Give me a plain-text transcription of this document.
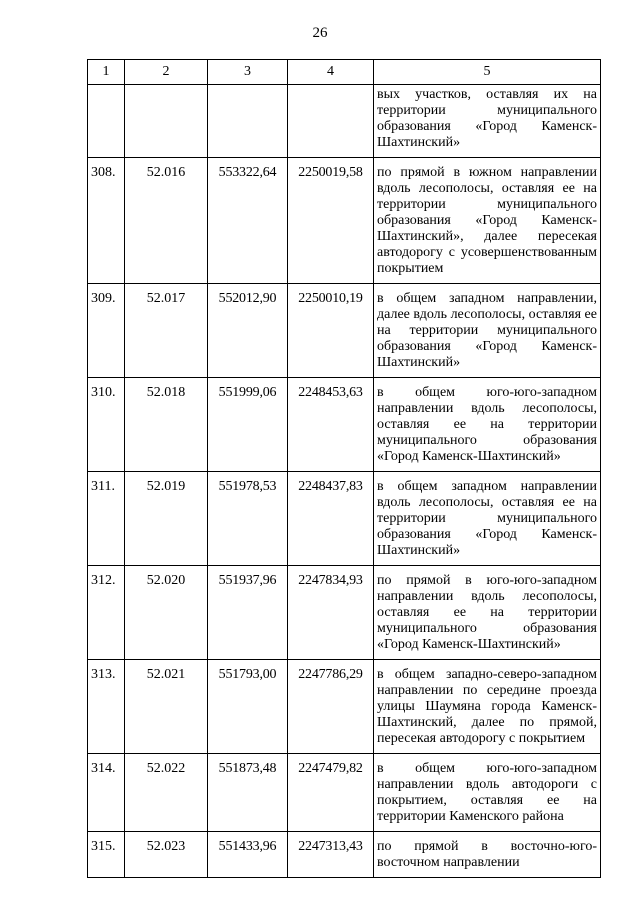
26
1	2	3	4	5
				вых участков, оставляя их на территории муниципального образования «Город Каменск-Шахтинский»
308.	52.016	553322,64	2250019,58	по прямой в южном направлении вдоль лесополосы, оставляя ее на территории муниципального образования «Город Каменск-Шахтинский», далее пересекая автодорогу с усовершенствованным покрытием
309.	52.017	552012,90	2250010,19	в общем западном направлении, далее вдоль лесополосы, оставляя ее на территории муниципального образования «Город Каменск-Шахтинский»
310.	52.018	551999,06	2248453,63	в общем юго-юго-западном направлении вдоль лесополосы, оставляя ее на территории муниципального образования «Город Каменск-Шахтинский»
311.	52.019	551978,53	2248437,83	в общем западном направлении вдоль лесополосы, оставляя ее на территории муниципального образования «Город Каменск-Шахтинский»
312.	52.020	551937,96	2247834,93	по прямой в юго-юго-западном направлении вдоль лесополосы, оставляя ее на территории муниципального образования «Город Каменск-Шахтинский»
313.	52.021	551793,00	2247786,29	в общем западно-северо-западном направлении по середине проезда улицы Шаумяна города Каменск-Шахтинский, далее по прямой, пересекая автодорогу с покрытием
314.	52.022	551873,48	2247479,82	в общем юго-юго-западном направлении вдоль автодороги с покрытием, оставляя ее на территории Каменского района
315.	52.023	551433,96	2247313,43	по прямой в восточно-юго-восточном направлении
